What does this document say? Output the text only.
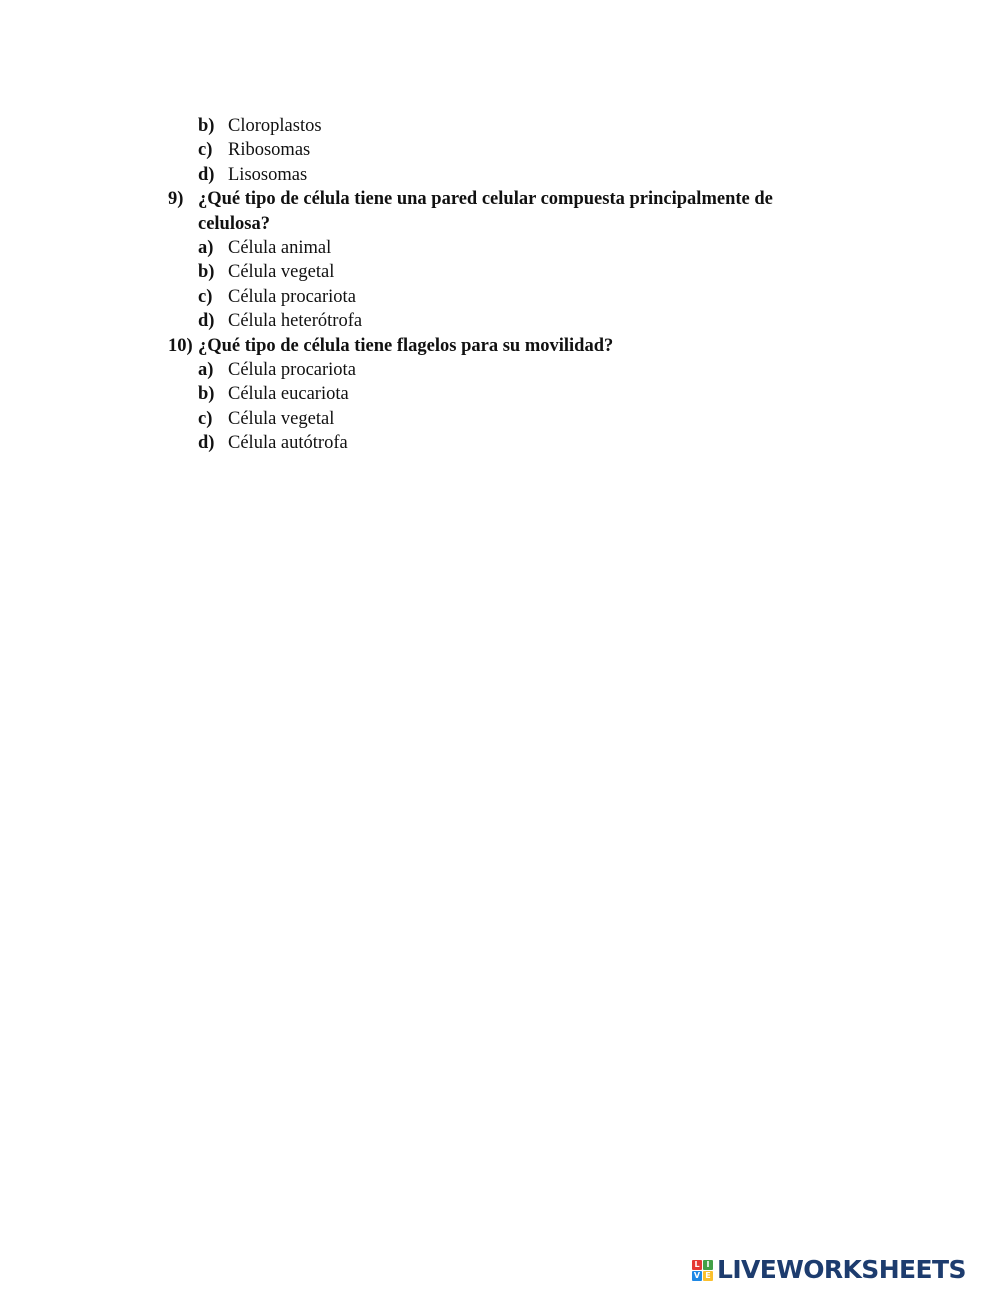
b) Cloroplastos
c) Ribosomas
d) Lisosomas
9) ¿Qué tipo de célula tiene una pared celular compuesta principalmente de
celulosa?
a) Célula animal
b) Célula vegetal
c) Célula procariota
d) Célula heterótrofa
10) ¿Qué tipo de célula tiene flagelos para su movilidad?
a) Célula procariota
b) Célula eucariota
c) Célula vegetal
d) Célula autótrofa
L I
V E LIVEWORKSHEETS
